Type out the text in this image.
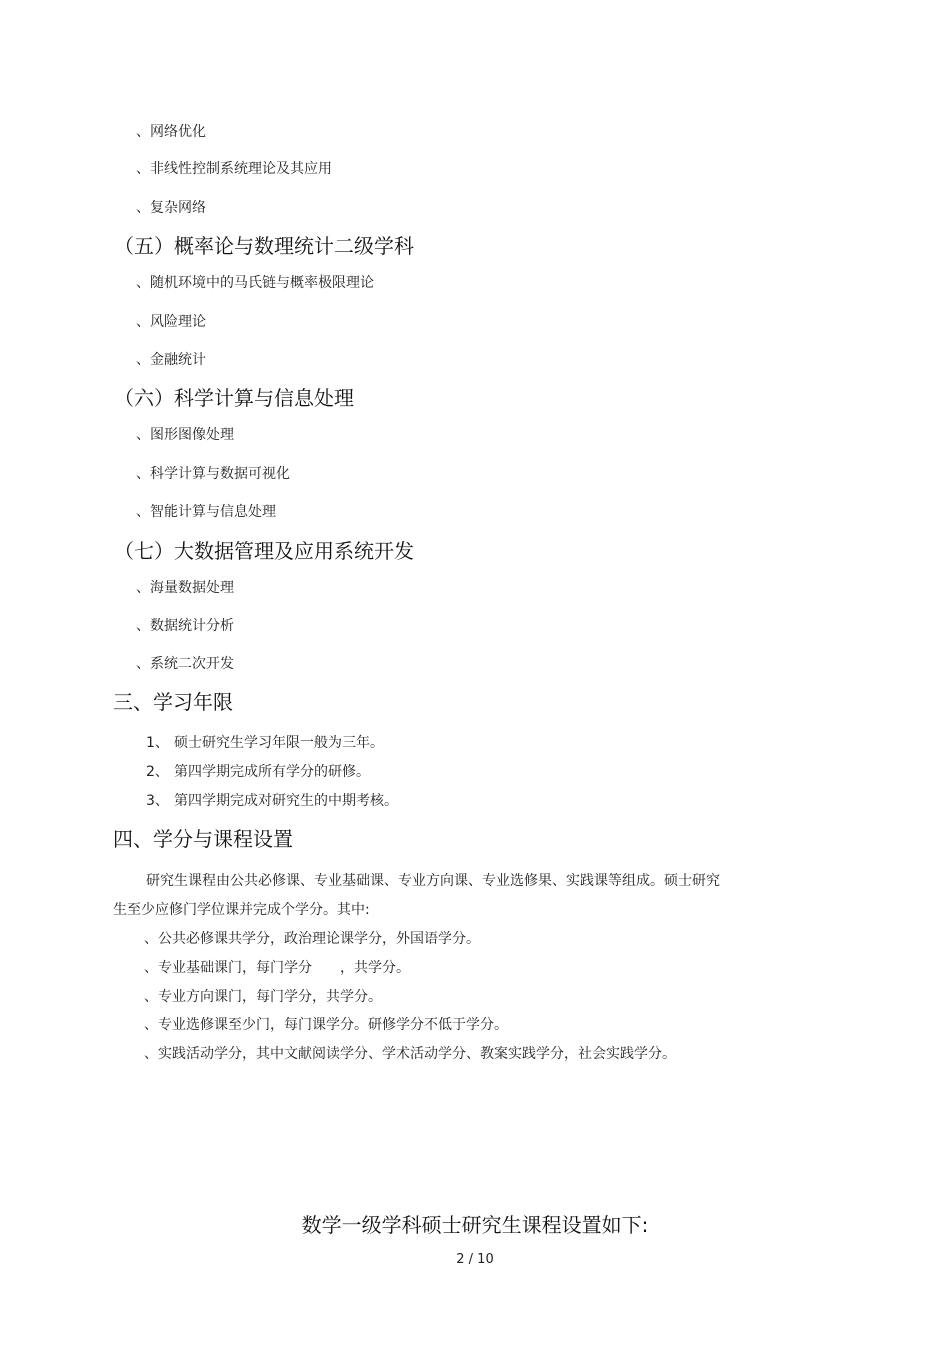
、网络优化
、非线性控制系统理论及其应用
、复杂网络
（五）概率论与数理统计二级学科
、随机环境中的马氏链与概率极限理论
、风险理论
、金融统计
（六）科学计算与信息处理
、图形图像处理
、科学计算与数据可视化
、智能计算与信息处理
（七）大数据管理及应用系统开发
、海量数据处理
、数据统计分析
、系统二次开发
三、学习年限
1、 硕士研究生学习年限一般为三年。
2、 第四学期完成所有学分的研修。
3、 第四学期完成对研究生的中期考核。
四、学分与课程设置
研究生课程由公共必修课、专业基础课、专业方向课、专业选修果、实践课等组成。硕士研究
生至少应修门学位课并完成个学分。其中:
、公共必修课共学分，政治理论课学分，外国语学分。
、专业基础课门，每门学分　　，共学分。
、专业方向课门，每门学分，共学分。
、专业选修课至少门，每门课学分。研修学分不低于学分。
、实践活动学分，其中文献阅读学分、学术活动学分、教案实践学分，社会实践学分。
数学一级学科硕士研究生课程设置如下:
2 / 10
